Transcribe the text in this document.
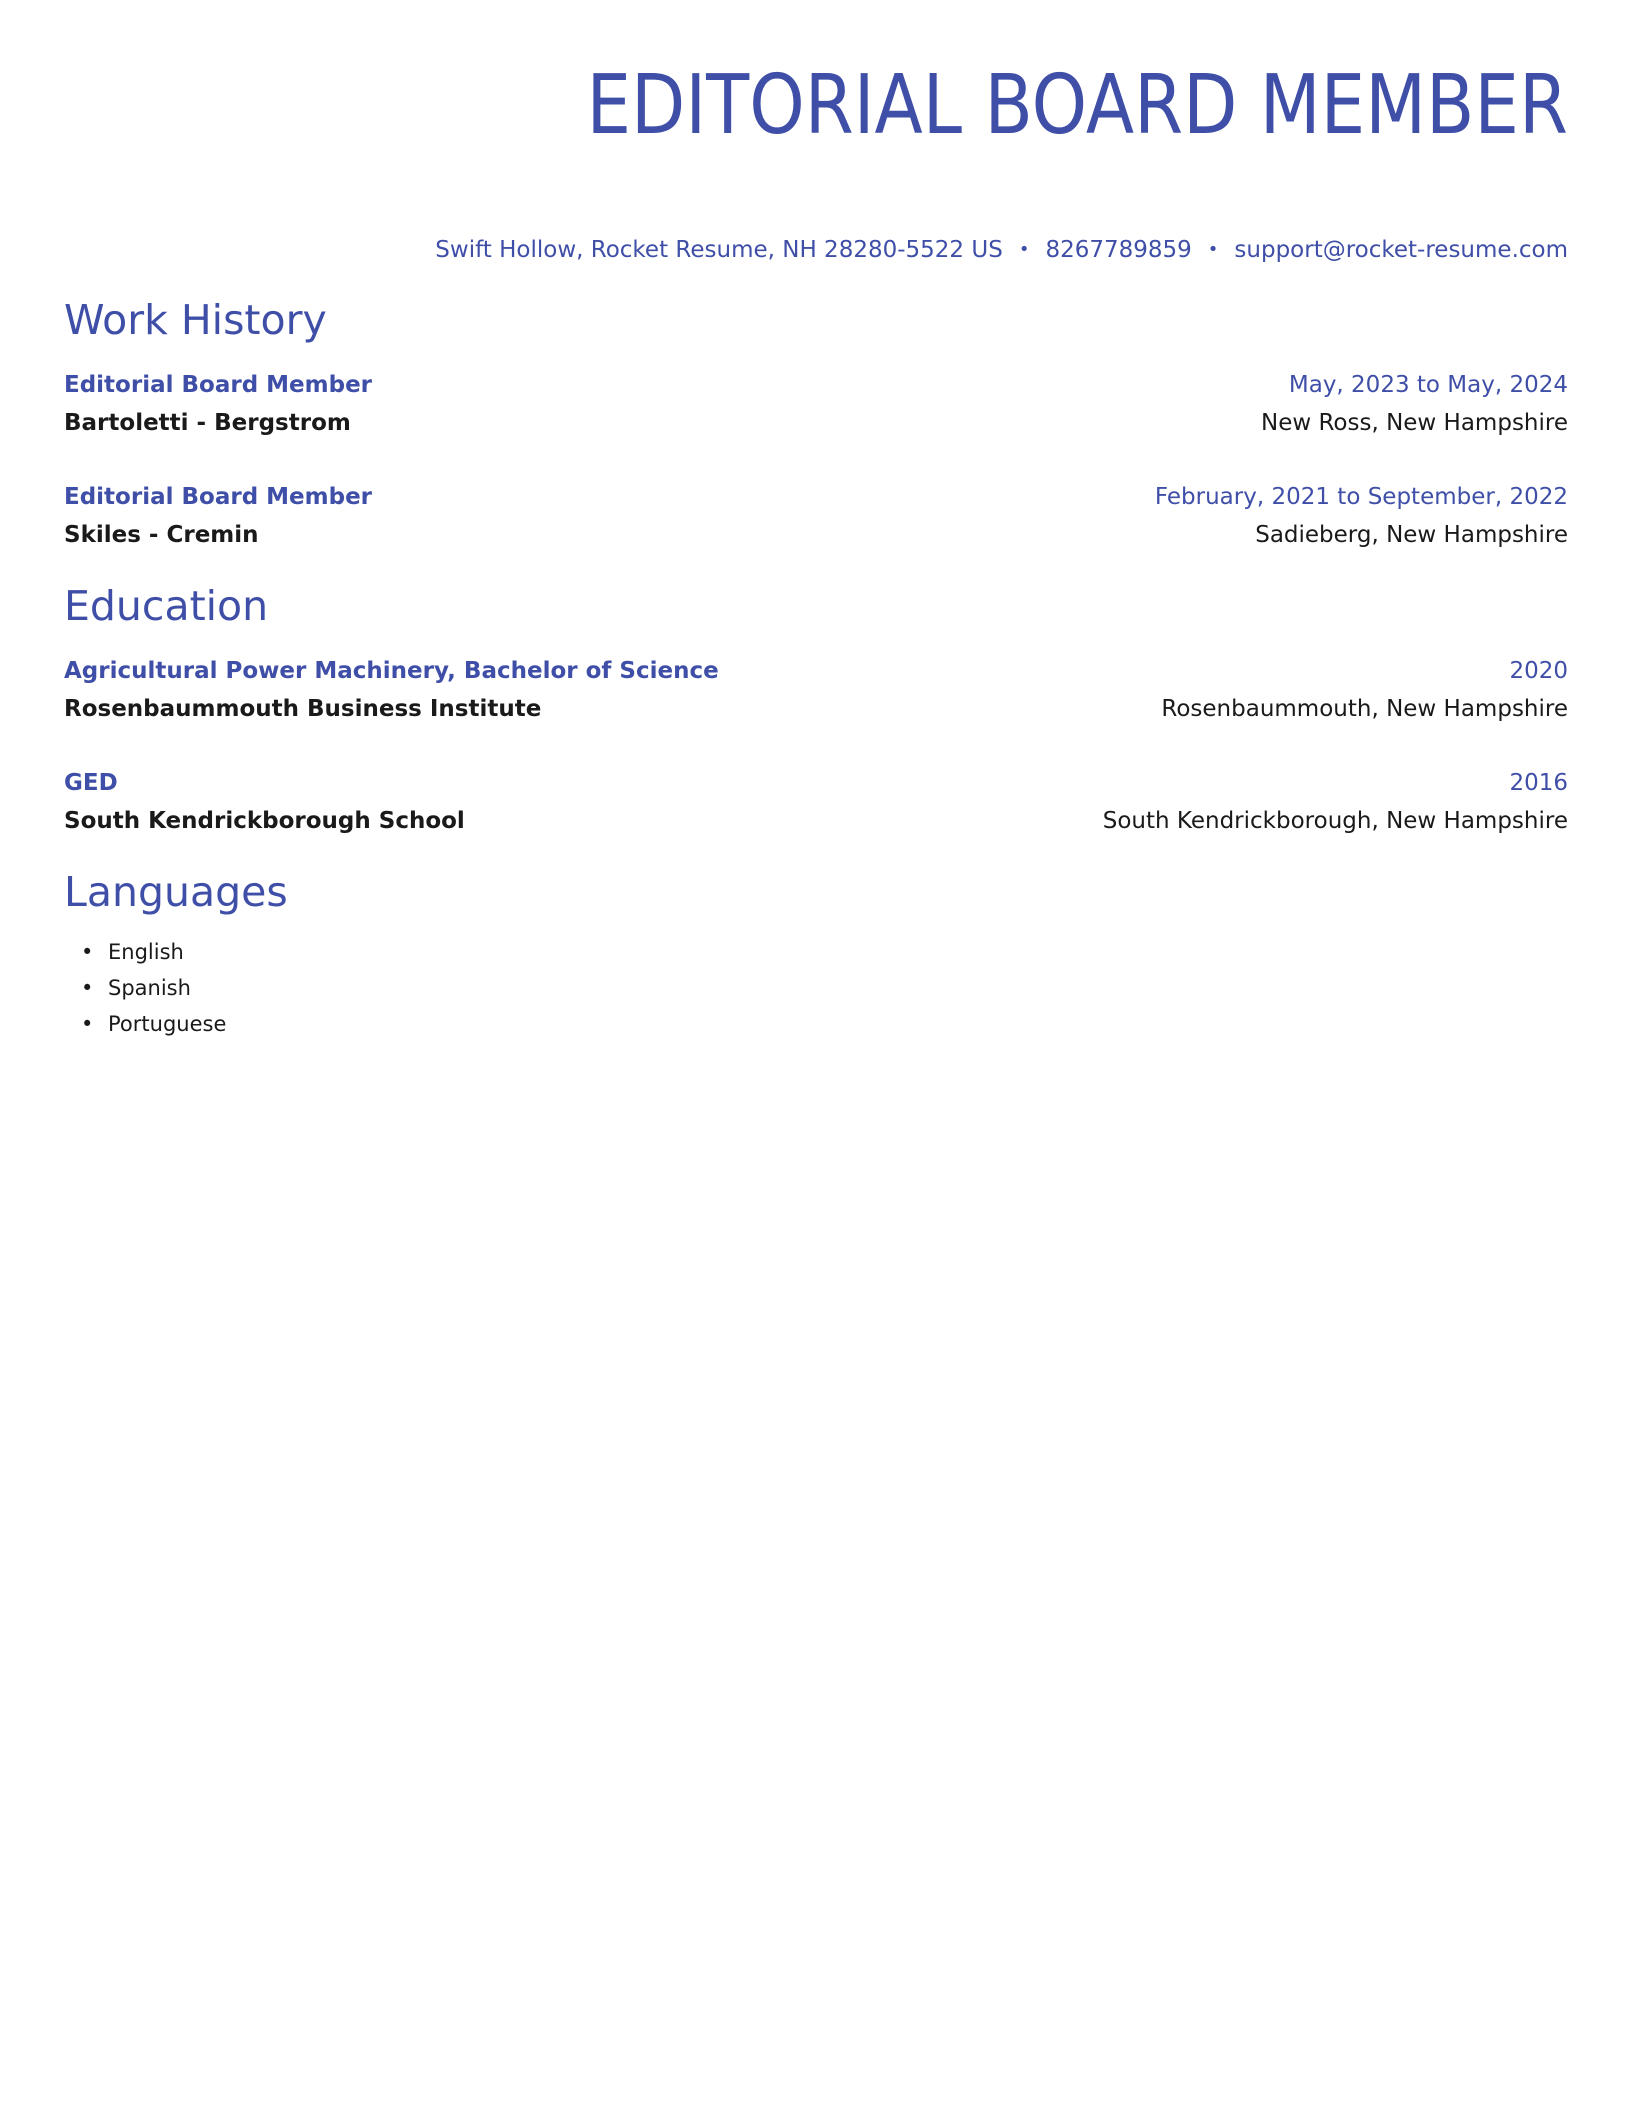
EDITORIAL BOARD MEMBER
Swift Hollow, Rocket Resume, NH 28280-5522 US • 8267789859 • support@rocket-resume.com
Work History
Editorial Board Member	May, 2023 to May, 2024
Bartoletti - Bergstrom	New Ross, New Hampshire
Editorial Board Member	February, 2021 to September, 2022
Skiles - Cremin	Sadieberg, New Hampshire
Education
Agricultural Power Machinery, Bachelor of Science	2020
Rosenbaummouth Business Institute	Rosenbaummouth, New Hampshire
GED	2016
South Kendrickborough School	South Kendrickborough, New Hampshire
Languages
• English
• Spanish
• Portuguese
